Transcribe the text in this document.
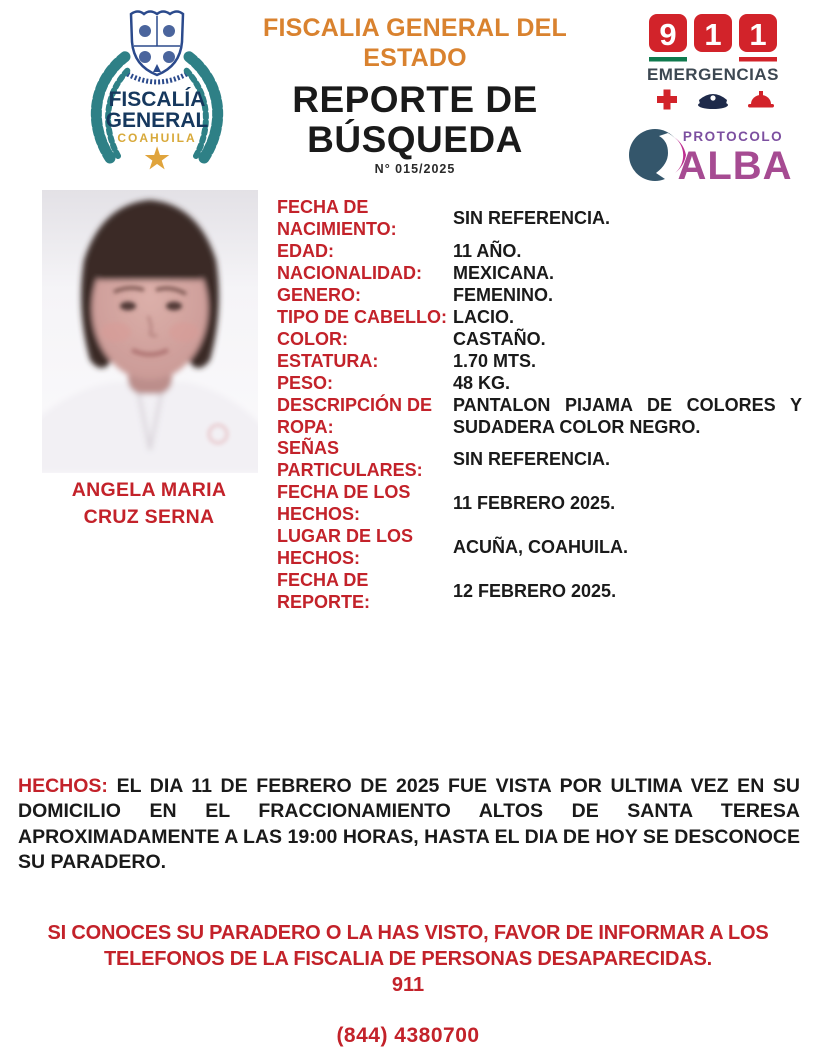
FISCALÍA
GENERAL
COAHUILA
★
FISCALIA GENERAL DEL
ESTADO
REPORTE DE
BÚSQUEDA
N° 015/2025
9 1 1
EMERGENCIAS
PROTOCOLO
ALBA
ANGELA MARIA
CRUZ SERNA
FECHA DE NACIMIENTO:
SIN REFERENCIA.
EDAD:	11 AÑO.
NACIONALIDAD:	MEXICANA.
GENERO:	FEMENINO.
TIPO DE CABELLO: LACIO.
COLOR:	CASTAÑO.
ESTATURA:	1.70 MTS.
PESO:	48 KG.
DESCRIPCIÓN DE ROPA:
PANTALON PIJAMA DE COLORES Y SUDADERA COLOR NEGRO.
SEÑAS PARTICULARES:
SIN REFERENCIA.
FECHA DE LOS HECHOS:
11 FEBRERO 2025.
LUGAR DE LOS HECHOS:
ACUÑA, COAHUILA.
FECHA DE REPORTE:
12 FEBRERO 2025.

HECHOS: EL DIA 11 DE FEBRERO DE 2025 FUE VISTA POR ULTIMA VEZ EN SU DOMICILIO EN EL FRACCIONAMIENTO ALTOS DE SANTA TERESA APROXIMADAMENTE A LAS 19:00 HORAS, HASTA EL DIA DE HOY SE DESCONOCE SU PARADERO.

SI CONOCES SU PARADERO O LA HAS VISTO, FAVOR DE INFORMAR A LOS TELEFONOS DE LA FISCALIA DE PERSONAS DESAPARECIDAS.
911
(844) 4380700
